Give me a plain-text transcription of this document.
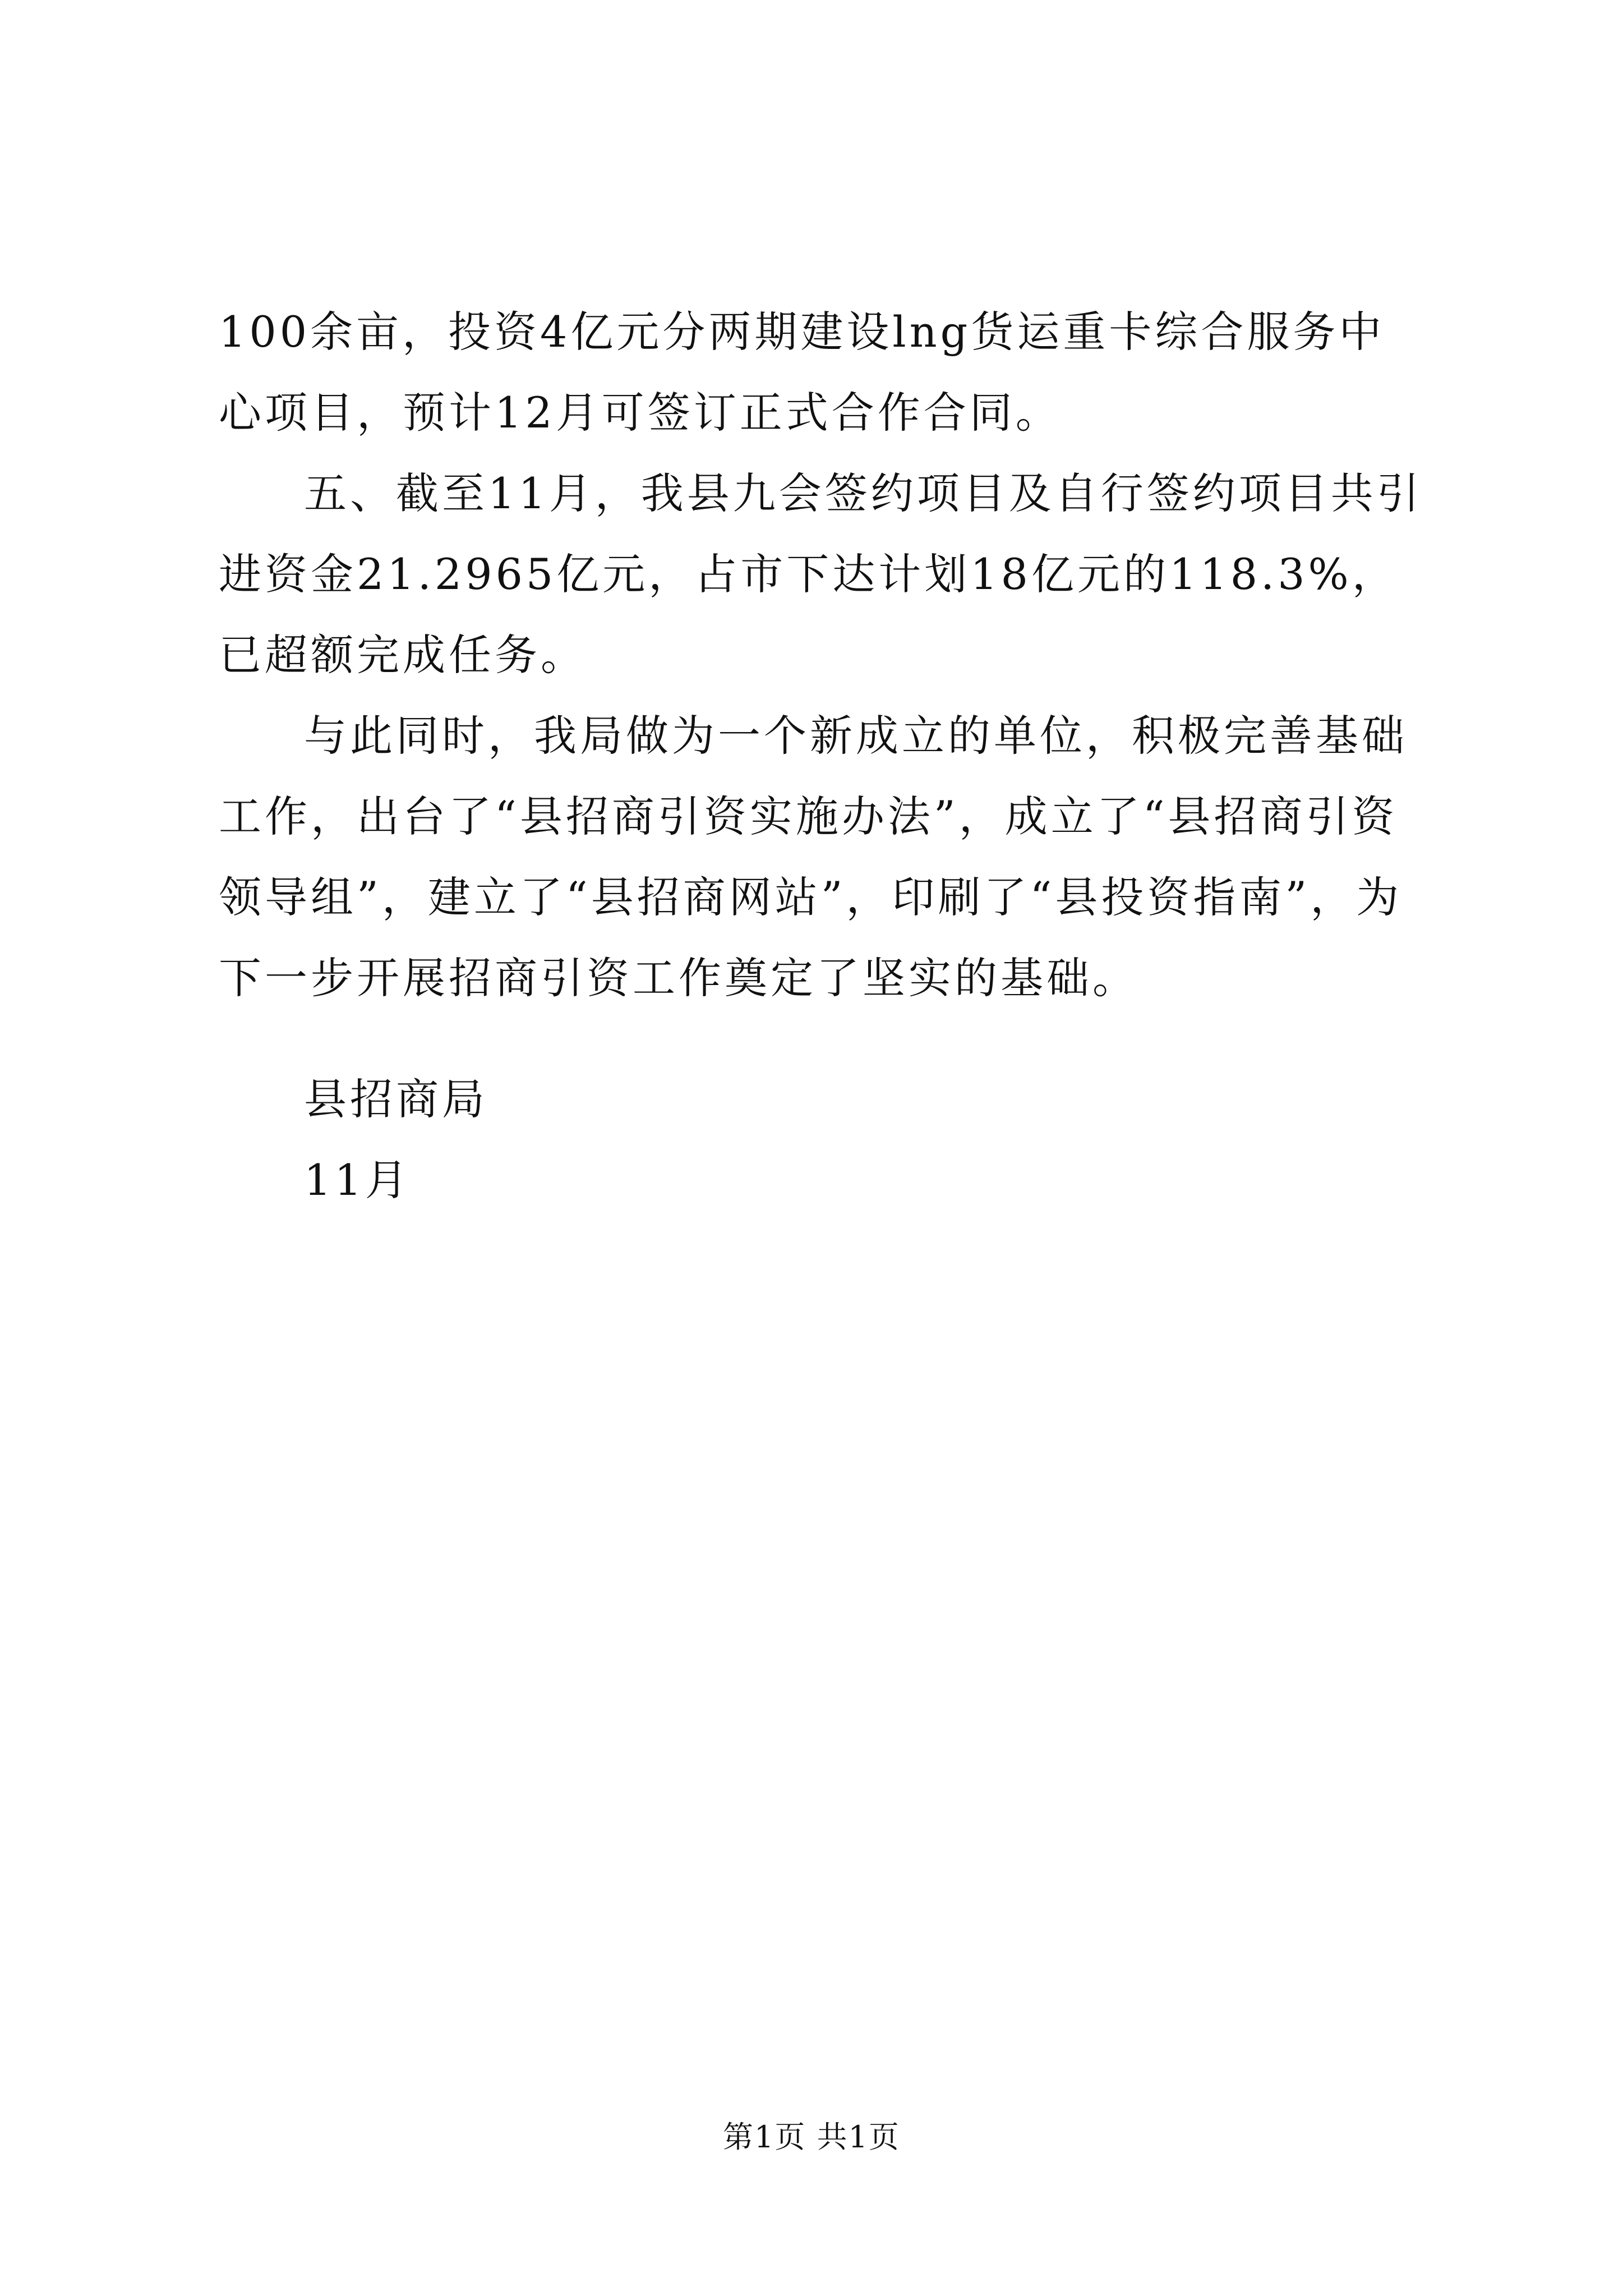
100余亩，投资4亿元分两期建设lng货运重卡综合服务中心项目，预计12月可签订正式合作合同。

五、截至11月，我县九会签约项目及自行签约项目共引进资金21.2965亿元，占市下达计划18亿元的118.3%，已超额完成任务。

与此同时，我局做为一个新成立的单位，积极完善基础工作，出台了“县招商引资实施办法”，成立了“县招商引资领导组”，建立了“县招商网站”，印刷了“县投资指南”，为下一步开展招商引资工作奠定了坚实的基础。

县招商局

11月

第1页 共1页
